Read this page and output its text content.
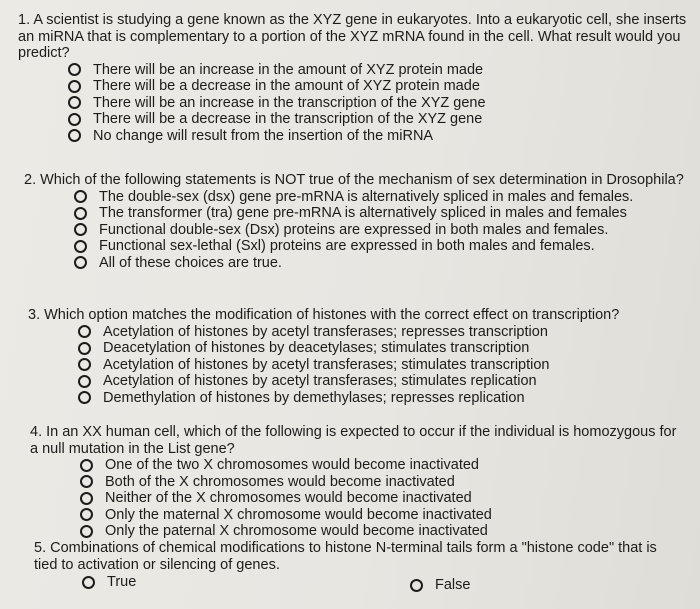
1. A scientist is studying a gene known as the XYZ gene in eukaryotes. Into a eukaryotic cell, she inserts an miRNA that is complementary to a portion of the XYZ mRNA found in the cell. What result would you predict?

There will be an increase in the amount of XYZ protein made
There will be a decrease in the amount of XYZ protein made
There will be an increase in the transcription of the XYZ gene
There will be a decrease in the transcription of the XYZ gene
No change will result from the insertion of the miRNA

2. Which of the following statements is NOT true of the mechanism of sex determination in Drosophila?

The double-sex (dsx) gene pre-mRNA is alternatively spliced in males and females.
The transformer (tra) gene pre-mRNA is alternatively spliced in males and females
Functional double-sex (Dsx) proteins are expressed in both males and females.
Functional sex-lethal (Sxl) proteins are expressed in both males and females.
All of these choices are true.

3. Which option matches the modification of histones with the correct effect on transcription?

Acetylation of histones by acetyl transferases; represses transcription
Deacetylation of histones by deacetylases; stimulates transcription
Acetylation of histones by acetyl transferases; stimulates transcription
Acetylation of histones by acetyl transferases; stimulates replication
Demethylation of histones by demethylases; represses replication

4. In an XX human cell, which of the following is expected to occur if the individual is homozygous for a null mutation in the List gene?

One of the two X chromosomes would become inactivated
Both of the X chromosomes would become inactivated
Neither of the X chromosomes would become inactivated
Only the maternal X chromosome would become inactivated
Only the paternal X chromosome would become inactivated

5. Combinations of chemical modifications to histone N-terminal tails form a "histone code" that is tied to activation or silencing of genes.

True	False
